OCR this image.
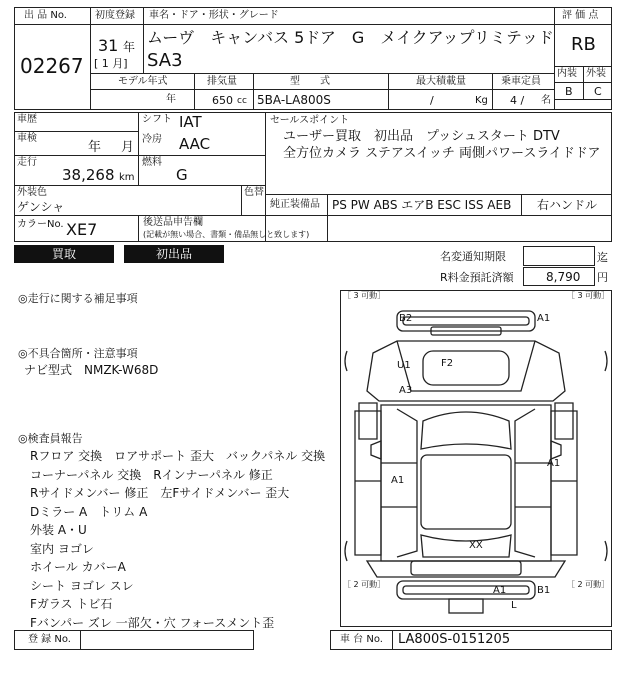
出 品 No.
02267
初度登録
31 年
[ 1 月]
車名・ドア・形状・グレード
ムーヴ　キャンバス 5ドア　G　メイクアップリミテッド
SA3
モデル年式
年
排気量
650 cc
型　　式
5BA-LA800S
最大積載量
/	Kg
乗車定員
4 / 名
評 価 点
RB
内装 外装
B C
車歴
車検
年 月
走行
38,268 km
シフト IAT
冷房 AAC
燃料
G
外装色
ゲンシャ
色替
カラーNo. XE7	後送品申告欄
(記載が無い場合、書類・備品無しと致します)
セールスポイント
ユーザー買取　初出品　プッシュスタート DTV
全方位カメラ ステアスイッチ 両側パワースライドドア
純正装備品 PS PW ABS エアB ESC ISS AEB 右ハンドル
買取	初出品	名変通知期限	迄
R料金預託済額	8,790 円
◎走行に関する補足事項
◎不具合箇所・注意事項
ナビ型式　NMZK-W68D
◎検査員報告
Rフロア 交換　ロアサポート 歪大　バックパネル 交換
コーナーパネル 交換　Rインナーパネル 修正
Rサイドメンバー 修正　左Fサイドメンバー 歪大
Dミラー A　トリム A
外装 A・U
室内 ヨゴレ
ホイール カバーA
シート ヨゴレ スレ
Fガラス トビ石
Fバンパー ズレ 一部欠・穴 フォースメント歪
［ 3 可動］	［ 3 可動］
［ 2 可動］	［ 2 可動］
B2	A1
U1	F2
A3
A1
A1
XX
A1	B1
L
登 録 No.	車 台 No. LA800S-0151205
